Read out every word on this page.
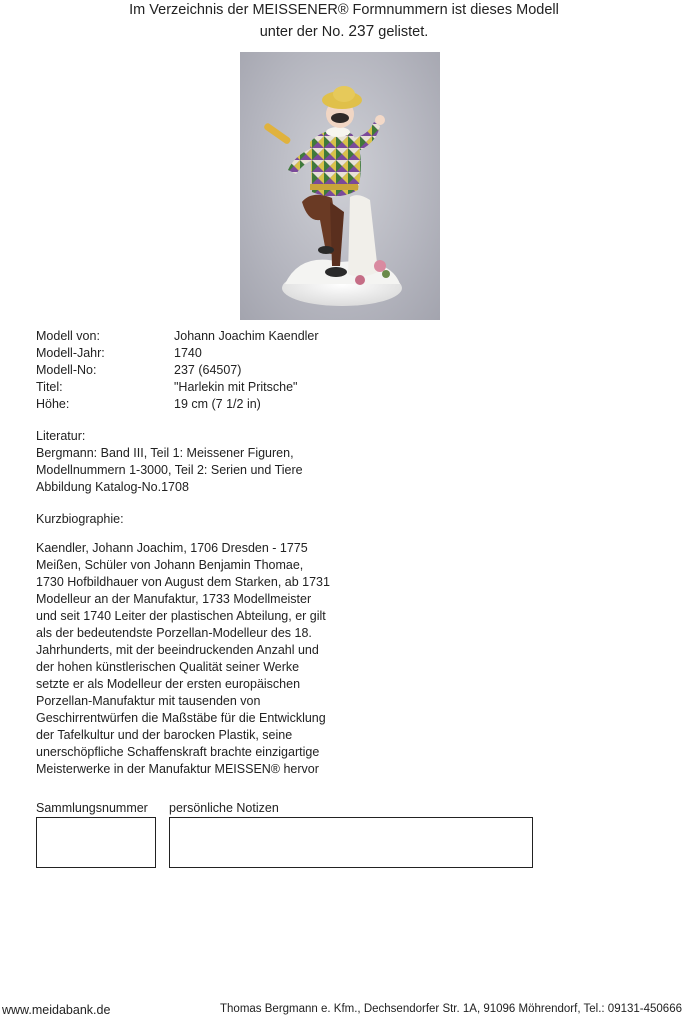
Im Verzeichnis der MEISSENER® Formnummern ist dieses Modell
unter der No. 237 gelistet.
Modell von:	Johann Joachim Kaendler
Modell-Jahr:	1740
Modell-No:	237 (64507)
Titel:	"Harlekin mit Pritsche"
Höhe:	19 cm (7 1/2 in)
Literatur:
Bergmann: Band III, Teil 1: Meissener Figuren,
Modellnummern 1-3000, Teil 2: Serien und Tiere
Abbildung Katalog-No.1708
Kurzbiographie:
Kaendler, Johann Joachim, 1706 Dresden - 1775
Meißen, Schüler von Johann Benjamin Thomae,
1730 Hofbildhauer von August dem Starken, ab 1731
Modelleur an der Manufaktur, 1733 Modellmeister
und seit 1740 Leiter der plastischen Abteilung, er gilt
als der bedeutendste Porzellan-Modelleur des 18.
Jahrhunderts, mit der beeindruckenden Anzahl und
der hohen künstlerischen Qualität seiner Werke
setzte er als Modelleur der ersten europäischen
Porzellan-Manufaktur mit tausenden von
Geschirrentwürfen die Maßstäbe für die Entwicklung
der Tafelkultur und der barocken Plastik, seine
unerschöpfliche Schaffenskraft brachte einzigartige
Meisterwerke in der Manufaktur MEISSEN® hervor
Sammlungsnummer persönliche Notizen
www.meidabank.de	Thomas Bergmann e. Kfm., Dechsendorfer Str. 1A, 91096 Möhrendorf, Tel.: 09131-450666
